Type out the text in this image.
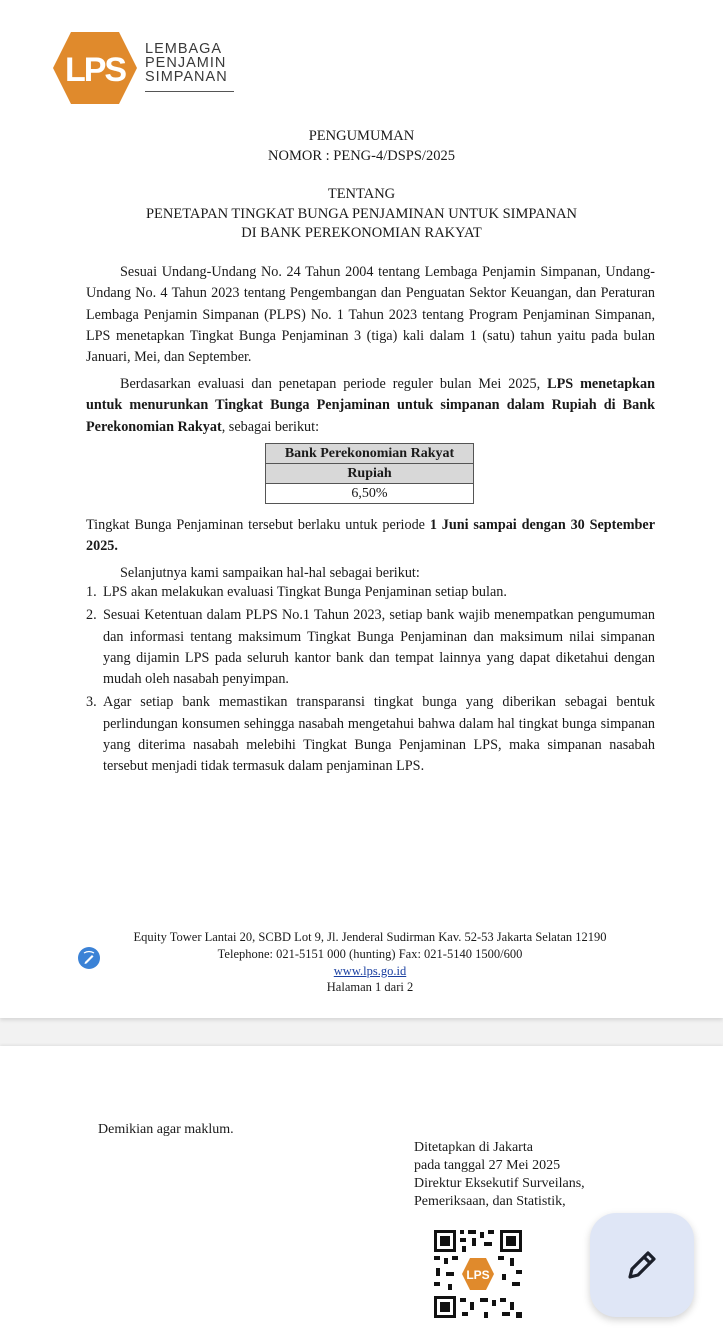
LPS
LEMBAGA
PENJAMIN
SIMPANAN
PENGUMUMAN
NOMOR : PENG-4/DSPS/2025
TENTANG
PENETAPAN TINGKAT BUNGA PENJAMINAN UNTUK SIMPANAN
DI BANK PEREKONOMIAN RAKYAT
Sesuai Undang-Undang No. 24 Tahun 2004 tentang Lembaga Penjamin Simpanan, Undang-Undang No. 4 Tahun 2023 tentang Pengembangan dan Penguatan Sektor Keuangan, dan Peraturan Lembaga Penjamin Simpanan (PLPS) No. 1 Tahun 2023 tentang Program Penjaminan Simpanan, LPS menetapkan Tingkat Bunga Penjaminan 3 (tiga) kali dalam 1 (satu) tahun yaitu pada bulan Januari, Mei, dan September.
Berdasarkan evaluasi dan penetapan periode reguler bulan Mei 2025, LPS menetapkan untuk menurunkan Tingkat Bunga Penjaminan untuk simpanan dalam Rupiah di Bank Perekonomian Rakyat, sebagai berikut:
Bank Perekonomian Rakyat
Rupiah
6,50%
Tingkat Bunga Penjaminan tersebut berlaku untuk periode 1 Juni sampai dengan 30 September 2025.
Selanjutnya kami sampaikan hal-hal sebagai berikut:
1. LPS akan melakukan evaluasi Tingkat Bunga Penjaminan setiap bulan.
2. Sesuai Ketentuan dalam PLPS No.1 Tahun 2023, setiap bank wajib menempatkan pengumuman dan informasi tentang maksimum Tingkat Bunga Penjaminan dan maksimum nilai simpanan yang dijamin LPS pada seluruh kantor bank dan tempat lainnya yang dapat diketahui dengan mudah oleh nasabah penyimpan.
3. Agar setiap bank memastikan transparansi tingkat bunga yang diberikan sebagai bentuk perlindungan konsumen sehingga nasabah mengetahui bahwa dalam hal tingkat bunga simpanan yang diterima nasabah melebihi Tingkat Bunga Penjaminan LPS, maka simpanan nasabah tersebut menjadi tidak termasuk dalam penjaminan LPS.
Equity Tower Lantai 20, SCBD Lot 9, Jl. Jenderal Sudirman Kav. 52-53 Jakarta Selatan 12190
Telephone: 021-5151 000 (hunting) Fax: 021-5140 1500/600
www.lps.go.id
Halaman 1 dari 2
Demikian agar maklum.
Ditetapkan di Jakarta
pada tanggal 27 Mei 2025
Direktur Eksekutif Surveilans,
Pemeriksaan, dan Statistik,
LPS
